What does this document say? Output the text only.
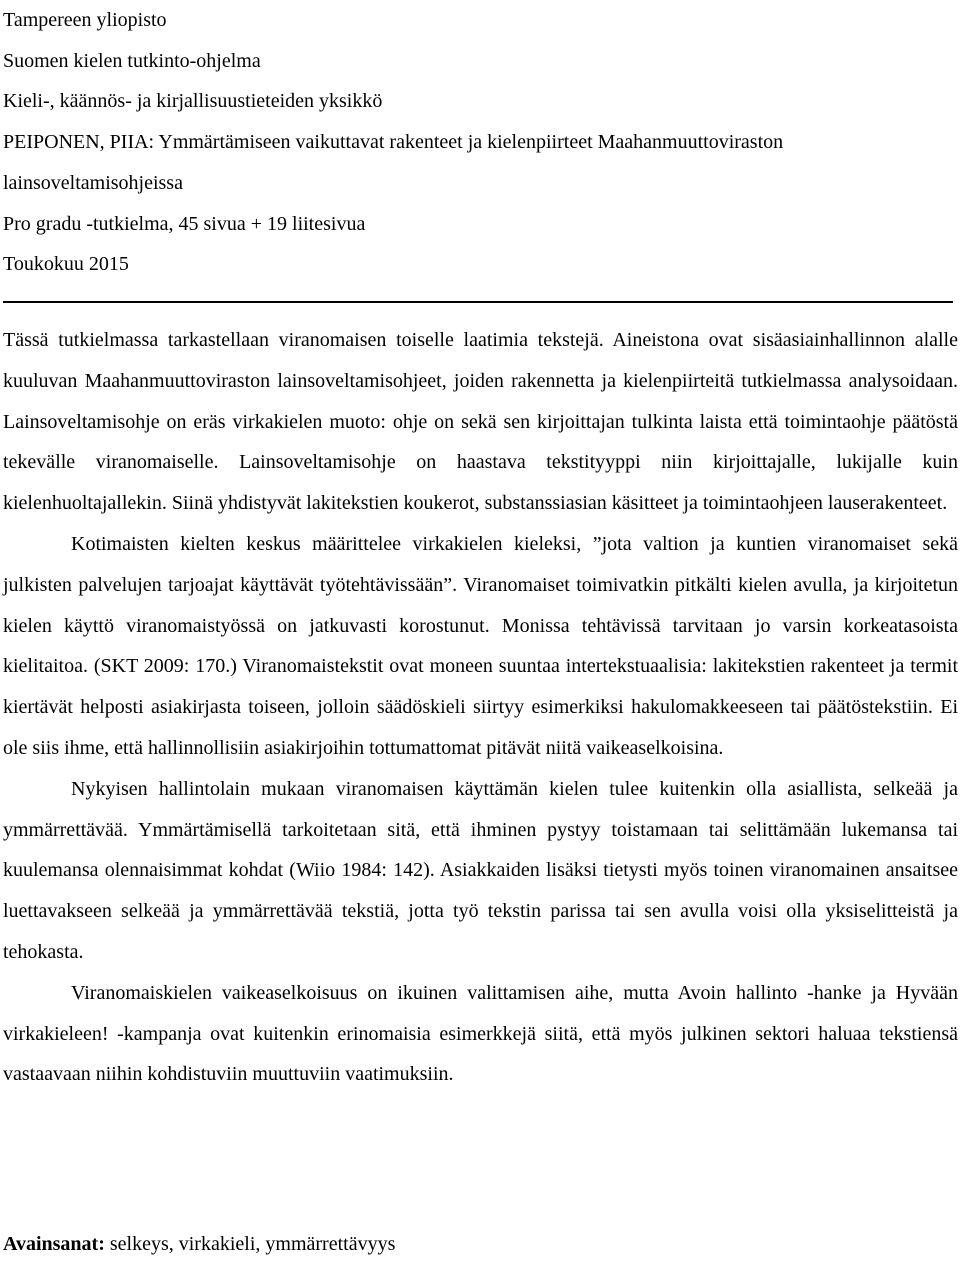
Tampereen yliopisto
Suomen kielen tutkinto-ohjelma
Kieli-, käännös- ja kirjallisuustieteiden yksikkö
PEIPONEN, PIIA: Ymmärtämiseen vaikuttavat rakenteet ja kielenpiirteet Maahanmuuttoviraston
lainsoveltamisohjeissa
Pro gradu -tutkielma, 45 sivua + 19 liitesivua
Toukokuu 2015

Tässä tutkielmassa tarkastellaan viranomaisen toiselle laatimia tekstejä. Aineistona ovat sisäasiainhallinnon alalle kuuluvan Maahanmuuttoviraston lainsoveltamisohjeet, joiden rakennetta ja kielenpiirteitä tutkielmassa analysoidaan. Lainsoveltamisohje on eräs virkakielen muoto: ohje on sekä sen kirjoittajan tulkinta laista että toimintaohje päätöstä tekevälle viranomaiselle. Lainsoveltamisohje on haastava tekstityyppi niin kirjoittajalle, lukijalle kuin kielenhuoltajallekin. Siinä yhdistyvät lakitekstien koukerot, substanssiasian käsitteet ja toimintaohjeen lauserakenteet.

Kotimaisten kielten keskus määrittelee virkakielen kieleksi, ”jota valtion ja kuntien viranomaiset sekä julkisten palvelujen tarjoajat käyttävät työtehtävissään”. Viranomaiset toimivatkin pitkälti kielen avulla, ja kirjoitetun kielen käyttö viranomaistyössä on jatkuvasti korostunut. Monissa tehtävissä tarvitaan jo varsin korkeatasoista kielitaitoa. (SKT 2009: 170.) Viranomaistekstit ovat moneen suuntaa intertekstuaalisia: lakitekstien rakenteet ja termit kiertävät helposti asiakirjasta toiseen, jolloin säädöskieli siirtyy esimerkiksi hakulomakkeeseen tai päätöstekstiin. Ei ole siis ihme, että hallinnollisiin asiakirjoihin tottumattomat pitävät niitä vaikeaselkoisina.

Nykyisen hallintolain mukaan viranomaisen käyttämän kielen tulee kuitenkin olla asiallista, selkeää ja ymmärrettävää. Ymmärtämisellä tarkoitetaan sitä, että ihminen pystyy toistamaan tai selittämään lukemansa tai kuulemansa olennaisimmat kohdat (Wiio 1984: 142). Asiakkaiden lisäksi tietysti myös toinen viranomainen ansaitsee luettavakseen selkeää ja ymmärrettävää tekstiä, jotta työ tekstin parissa tai sen avulla voisi olla yksiselitteistä ja tehokasta.

Viranomaiskielen vaikeaselkoisuus on ikuinen valittamisen aihe, mutta Avoin hallinto -hanke ja Hyvään virkakieleen! -kampanja ovat kuitenkin erinomaisia esimerkkejä siitä, että myös julkinen sektori haluaa tekstiensä vastaavaan niihin kohdistuviin muuttuviin vaatimuksiin.

Avainsanat: selkeys, virkakieli, ymmärrettävyys
